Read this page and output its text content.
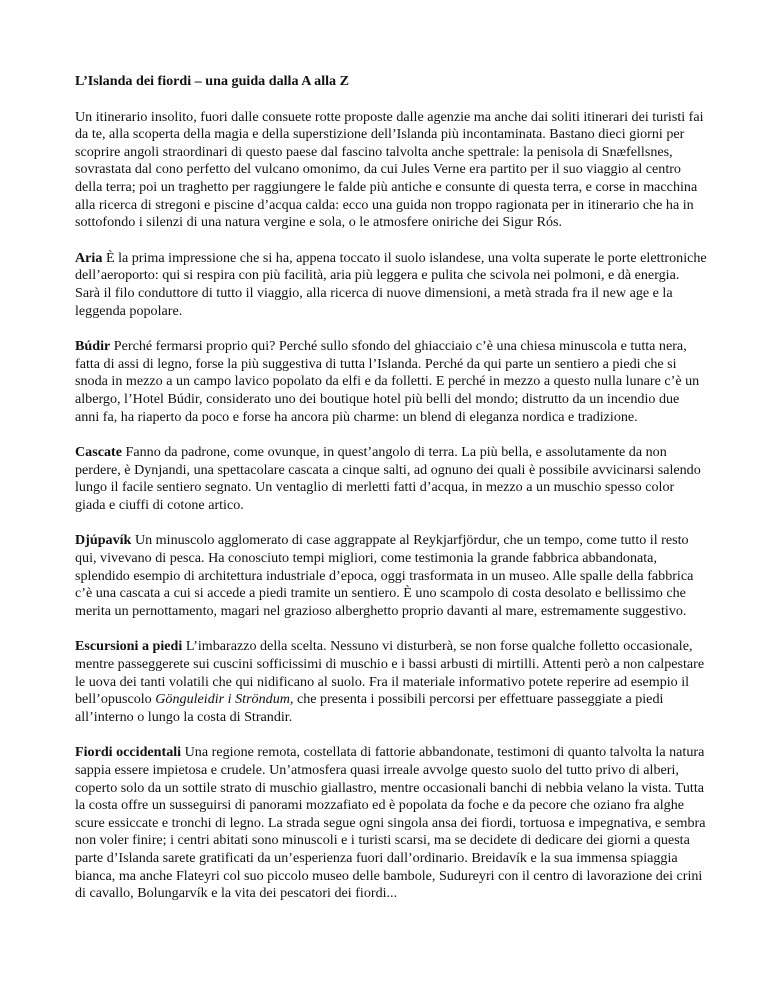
L’Islanda dei fiordi – una guida dalla A alla Z

Un itinerario insolito, fuori dalle consuete rotte proposte dalle agenzie ma anche dai soliti itinerari dei turisti fai da te, alla scoperta della magia e della superstizione dell’Islanda più incontaminata. Bastano dieci giorni per scoprire angoli straordinari di questo paese dal fascino talvolta anche spettrale: la penisola di Snæfellsnes, sovrastata dal cono perfetto del vulcano omonimo, da cui Jules Verne era partito per il suo viaggio al centro della terra; poi un traghetto per raggiungere le falde più antiche e consunte di questa terra, e corse in macchina alla ricerca di stregoni e piscine d’acqua calda: ecco una guida non troppo ragionata per in itinerario che ha in sottofondo i silenzi di una natura vergine e sola, o le atmosfere oniriche dei Sigur Rós.

Aria È la prima impressione che si ha, appena toccato il suolo islandese, una volta superate le porte elettroniche dell’aeroporto: qui si respira con più facilità, aria più leggera e pulita che scivola nei polmoni, e dà energia. Sarà il filo conduttore di tutto il viaggio, alla ricerca di nuove dimensioni, a metà strada fra il new age e la leggenda popolare.

Búdir Perché fermarsi proprio qui? Perché sullo sfondo del ghiacciaio c’è una chiesa minuscola e tutta nera, fatta di assi di legno, forse la più suggestiva di tutta l’Islanda. Perché da qui parte un sentiero a piedi che si snoda in mezzo a un campo lavico popolato da elfi e da folletti. E perché in mezzo a questo nulla lunare c’è un albergo, l’Hotel Búdir, considerato uno dei boutique hotel più belli del mondo; distrutto da un incendio due anni fa, ha riaperto da poco e forse ha ancora più charme: un blend di eleganza nordica e tradizione.

Cascate Fanno da padrone, come ovunque, in quest’angolo di terra. La più bella, e assolutamente da non perdere, è Dynjandi, una spettacolare cascata a cinque salti, ad ognuno dei quali è possibile avvicinarsi salendo lungo il facile sentiero segnato. Un ventaglio di merletti fatti d’acqua, in mezzo a un muschio spesso color giada e ciuffi di cotone artico.

Djúpavík Un minuscolo agglomerato di case aggrappate al Reykjarfjördur, che un tempo, come tutto il resto qui, vivevano di pesca. Ha conosciuto tempi migliori, come testimonia la grande fabbrica abbandonata, splendido esempio di architettura industriale d’epoca, oggi trasformata in un museo. Alle spalle della fabbrica c’è una cascata a cui si accede a piedi tramite un sentiero. È uno scampolo di costa desolato e bellissimo che merita un pernottamento, magari nel grazioso alberghetto proprio davanti al mare, estremamente suggestivo.

Escursioni a piedi L’imbarazzo della scelta. Nessuno vi disturberà, se non forse qualche folletto occasionale, mentre passeggerete sui cuscini sofficissimi di muschio e i bassi arbusti di mirtilli. Attenti però a non calpestare le uova dei tanti volatili che qui nidificano al suolo. Fra il materiale informativo potete reperire ad esempio il bell’opuscolo Gönguleidir i Ströndum, che presenta i possibili percorsi per effettuare passeggiate a piedi all’interno o lungo la costa di Strandir.

Fiordi occidentali Una regione remota, costellata di fattorie abbandonate, testimoni di quanto talvolta la natura sappia essere impietosa e crudele. Un’atmosfera quasi irreale avvolge questo suolo del tutto privo di alberi, coperto solo da un sottile strato di muschio giallastro, mentre occasionali banchi di nebbia velano la vista. Tutta la costa offre un susseguirsi di panorami mozzafiato ed è popolata da foche e da pecore che oziano fra alghe scure essiccate e tronchi di legno. La strada segue ogni singola ansa dei fiordi, tortuosa e impegnativa, e sembra non voler finire; i centri abitati sono minuscoli e i turisti scarsi, ma se decidete di dedicare dei giorni a questa parte d’Islanda sarete gratificati da un’esperienza fuori dall’ordinario. Breidavík e la sua immensa spiaggia bianca, ma anche Flateyri col suo piccolo museo delle bambole, Sudureyri con il centro di lavorazione dei crini di cavallo, Bolungarvík e la vita dei pescatori dei fiordi...
